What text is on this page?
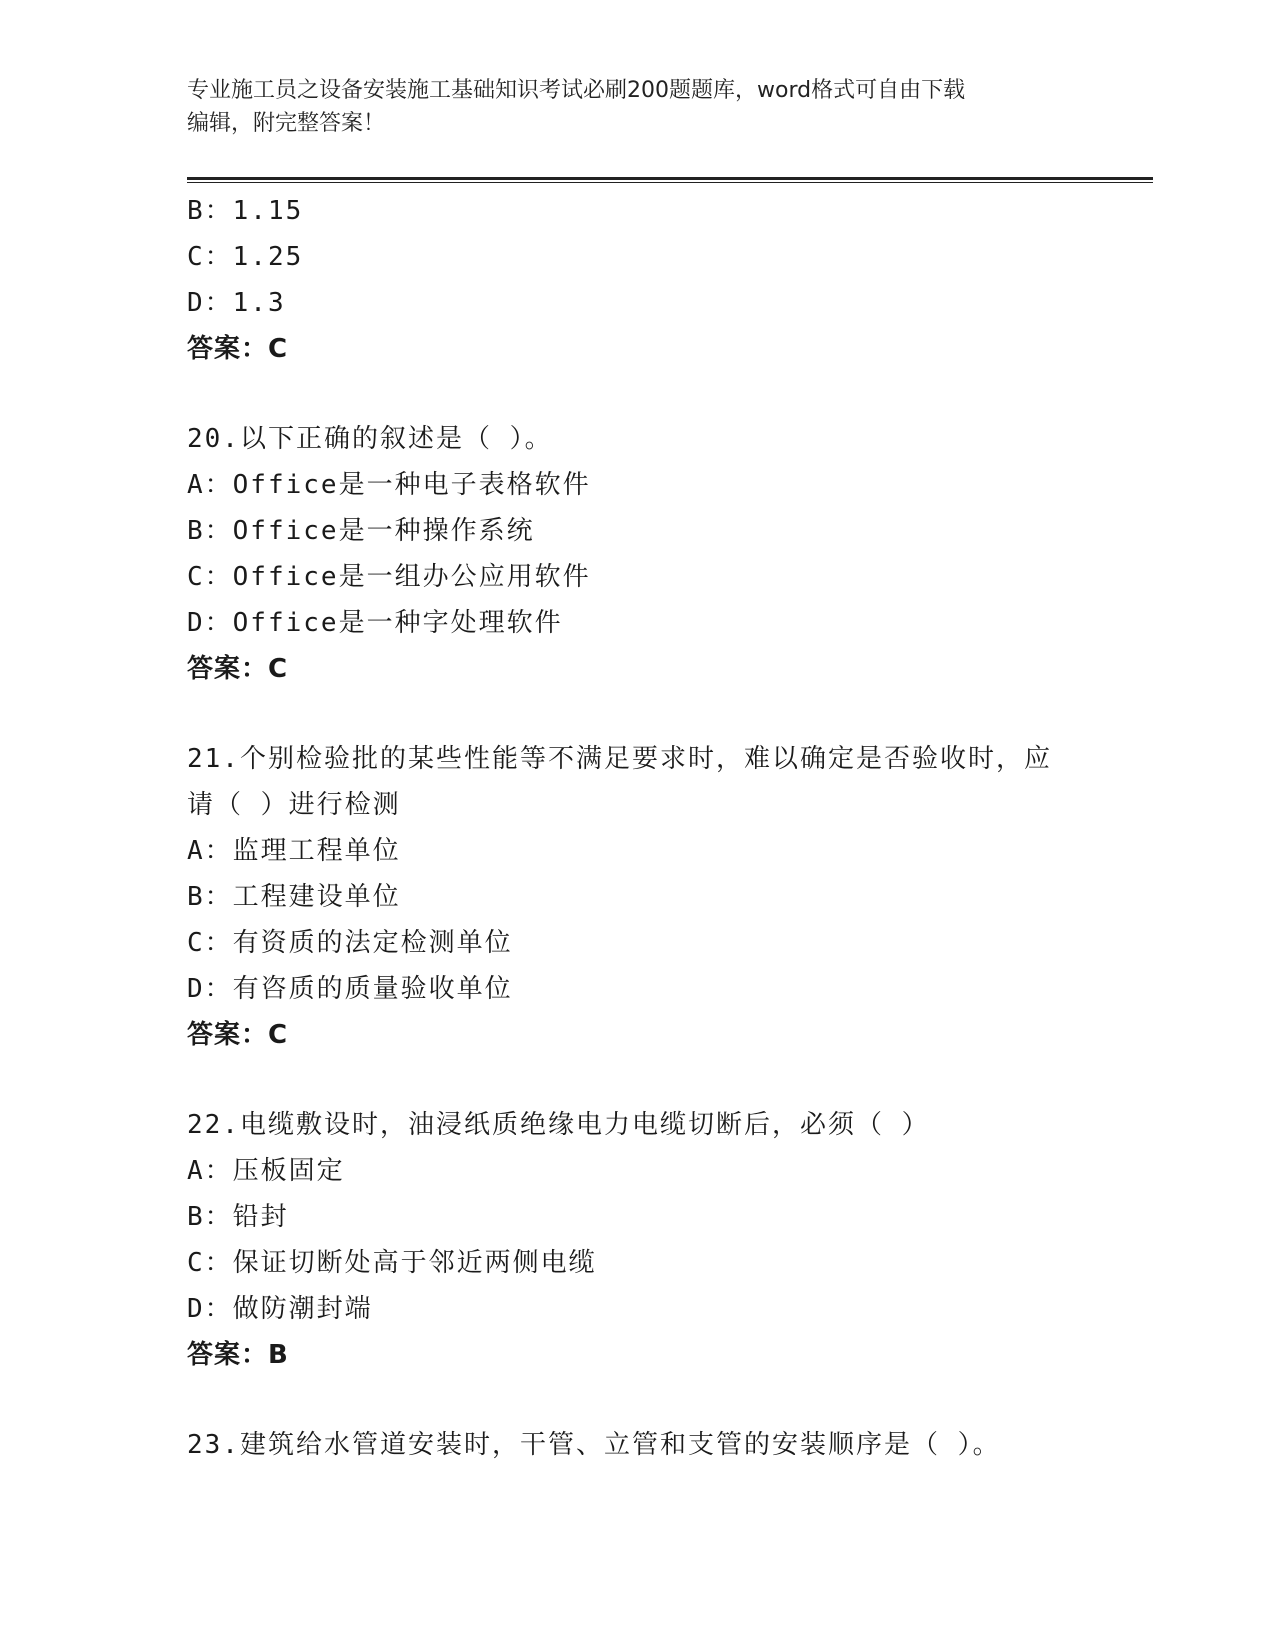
专业施工员之设备安装施工基础知识考试必刷200题题库，word格式可自由下载
编辑，附完整答案！
B：1.15
C：1.25
D：1.3
答案：C
20.以下正确的叙述是（ ）。
A：Office是一种电子表格软件
B：Office是一种操作系统
C：Office是一组办公应用软件
D：Office是一种字处理软件
答案：C
21.个别检验批的某些性能等不满足要求时，难以确定是否验收时，应
请（ ）进行检测
A：监理工程单位
B：工程建设单位
C：有资质的法定检测单位
D：有咨质的质量验收单位
答案：C
22.电缆敷设时，油浸纸质绝缘电力电缆切断后，必须（ ）
A：压板固定
B：铅封
C：保证切断处高于邻近两侧电缆
D：做防潮封端
答案：B
23.建筑给水管道安装时，干管、立管和支管的安装顺序是（ ）。
